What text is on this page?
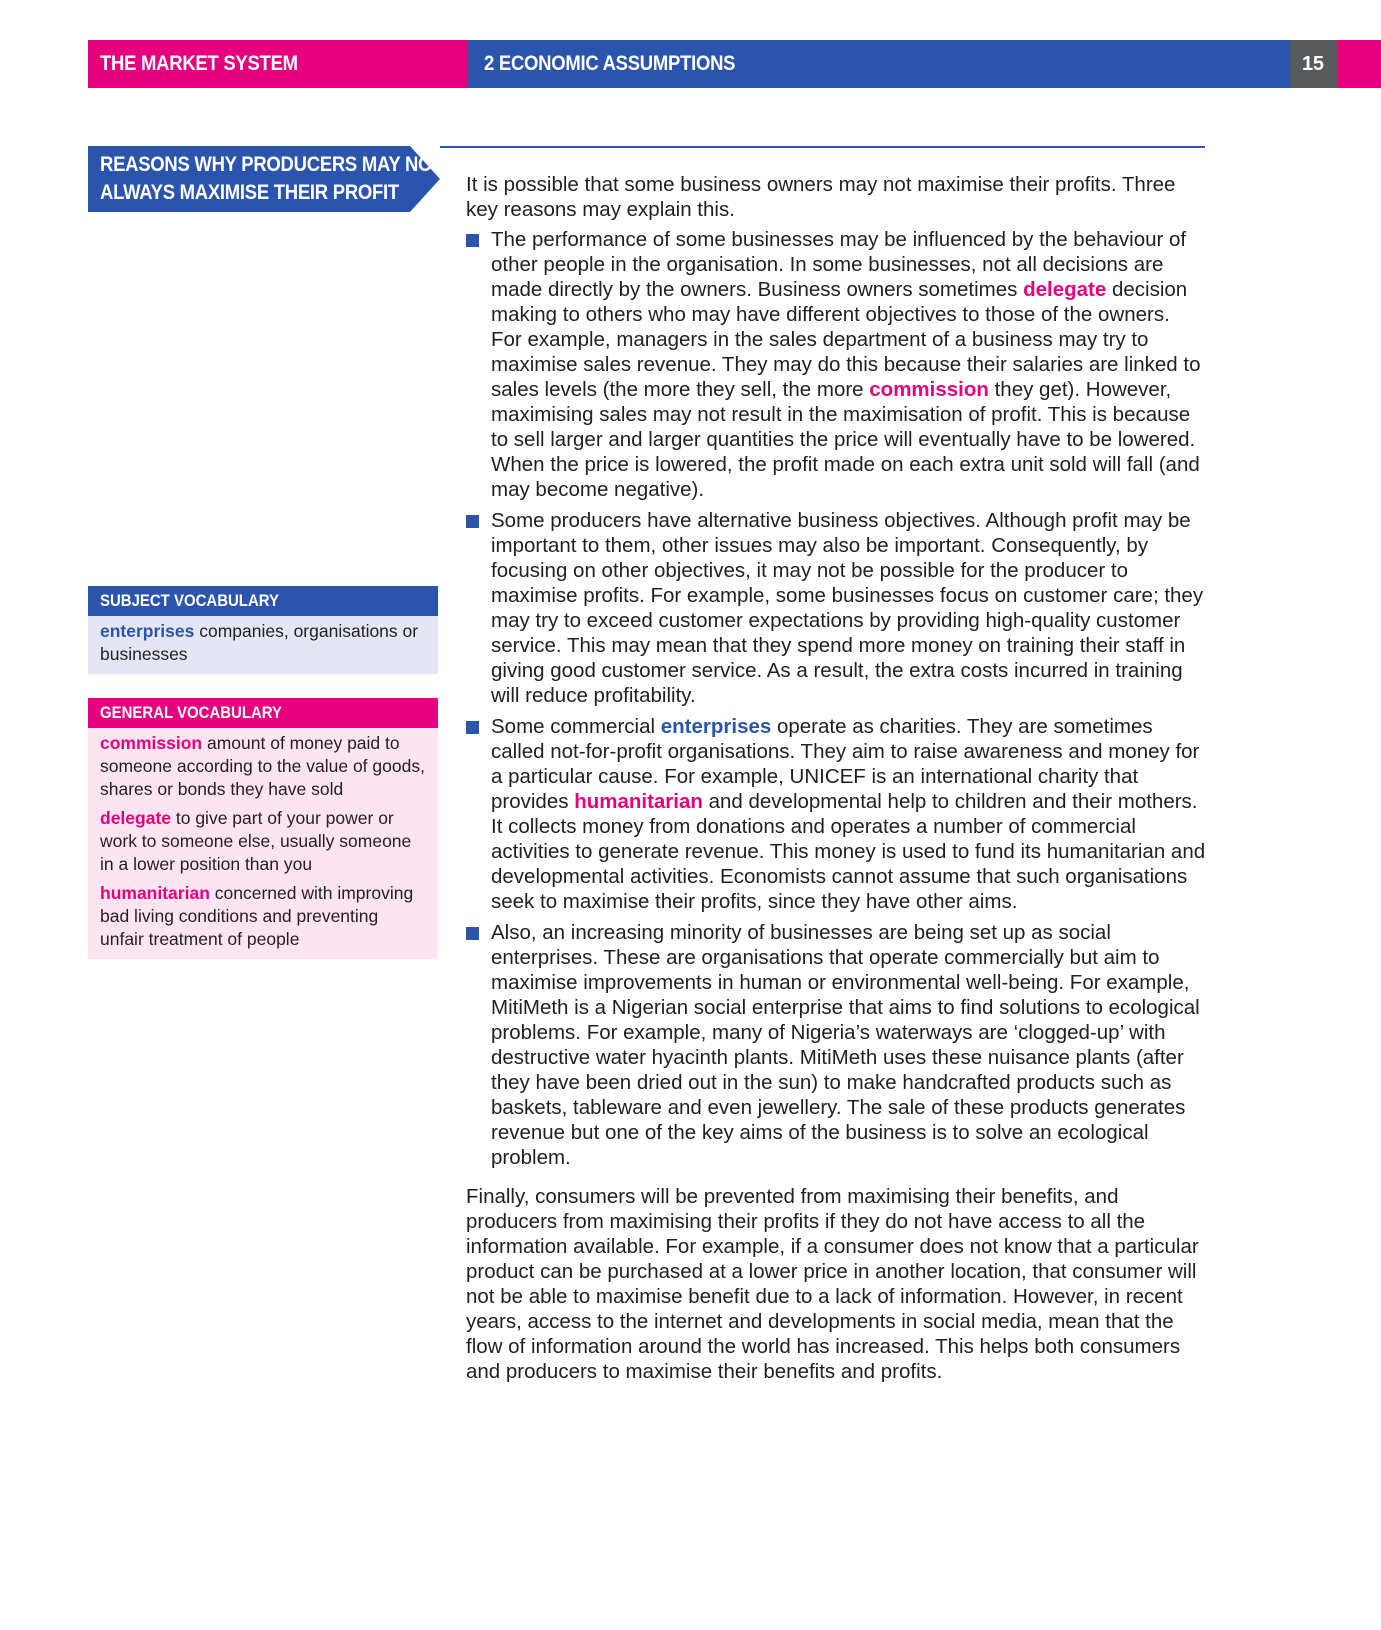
THE MARKET SYSTEM	2 ECONOMIC ASSUMPTIONS	15
REASONS WHY PRODUCERS MAY NOT
ALWAYS MAXIMISE THEIR PROFIT
SUBJECT VOCABULARY

enterprises companies, organisations or businesses

GENERAL VOCABULARY

commission amount of money paid to someone according to the value of goods, shares or bonds they have sold

delegate to give part of your power or work to someone else, usually someone in a lower position than you

humanitarian concerned with improving bad living conditions and preventing unfair treatment of people

It is possible that some business owners may not maximise their profits. Three key reasons may explain this.

The performance of some businesses may be influenced by the behaviour of other people in the organisation. In some businesses, not all decisions are made directly by the owners. Business owners sometimes delegate decision making to others who may have different objectives to those of the owners. For example, managers in the sales department of a business may try to maximise sales revenue. They may do this because their salaries are linked to sales levels (the more they sell, the more commission they get). However, maximising sales may not result in the maximisation of profit. This is because to sell larger and larger quantities the price will eventually have to be lowered. When the price is lowered, the profit made on each extra unit sold will fall (and may become negative).
Some producers have alternative business objectives. Although profit may be important to them, other issues may also be important. Consequently, by focusing on other objectives, it may not be possible for the producer to maximise profits. For example, some businesses focus on customer care; they may try to exceed customer expectations by providing high-quality customer service. This may mean that they spend more money on training their staff in giving good customer service. As a result, the extra costs incurred in training will reduce profitability.
Some commercial enterprises operate as charities. They are sometimes called not-for-profit organisations. They aim to raise awareness and money for a particular cause. For example, UNICEF is an international charity that provides humanitarian and developmental help to children and their mothers. It collects money from donations and operates a number of commercial activities to generate revenue. This money is used to fund its humanitarian and developmental activities. Economists cannot assume that such organisations seek to maximise their profits, since they have other aims.
Also, an increasing minority of businesses are being set up as social enterprises. These are organisations that operate commercially but aim to maximise improvements in human or environmental well-being. For example, MitiMeth is a Nigerian social enterprise that aims to find solutions to ecological problems. For example, many of Nigeria’s waterways are ‘clogged-up’ with destructive water hyacinth plants. MitiMeth uses these nuisance plants (after they have been dried out in the sun) to make handcrafted products such as baskets, tableware and even jewellery. The sale of these products generates revenue but one of the key aims of the business is to solve an ecological problem.

Finally, consumers will be prevented from maximising their benefits, and producers from maximising their profits if they do not have access to all the information available. For example, if a consumer does not know that a particular product can be purchased at a lower price in another location, that consumer will not be able to maximise benefit due to a lack of information. However, in recent years, access to the internet and developments in social media, mean that the flow of information around the world has increased. This helps both consumers and producers to maximise their benefits and profits.
